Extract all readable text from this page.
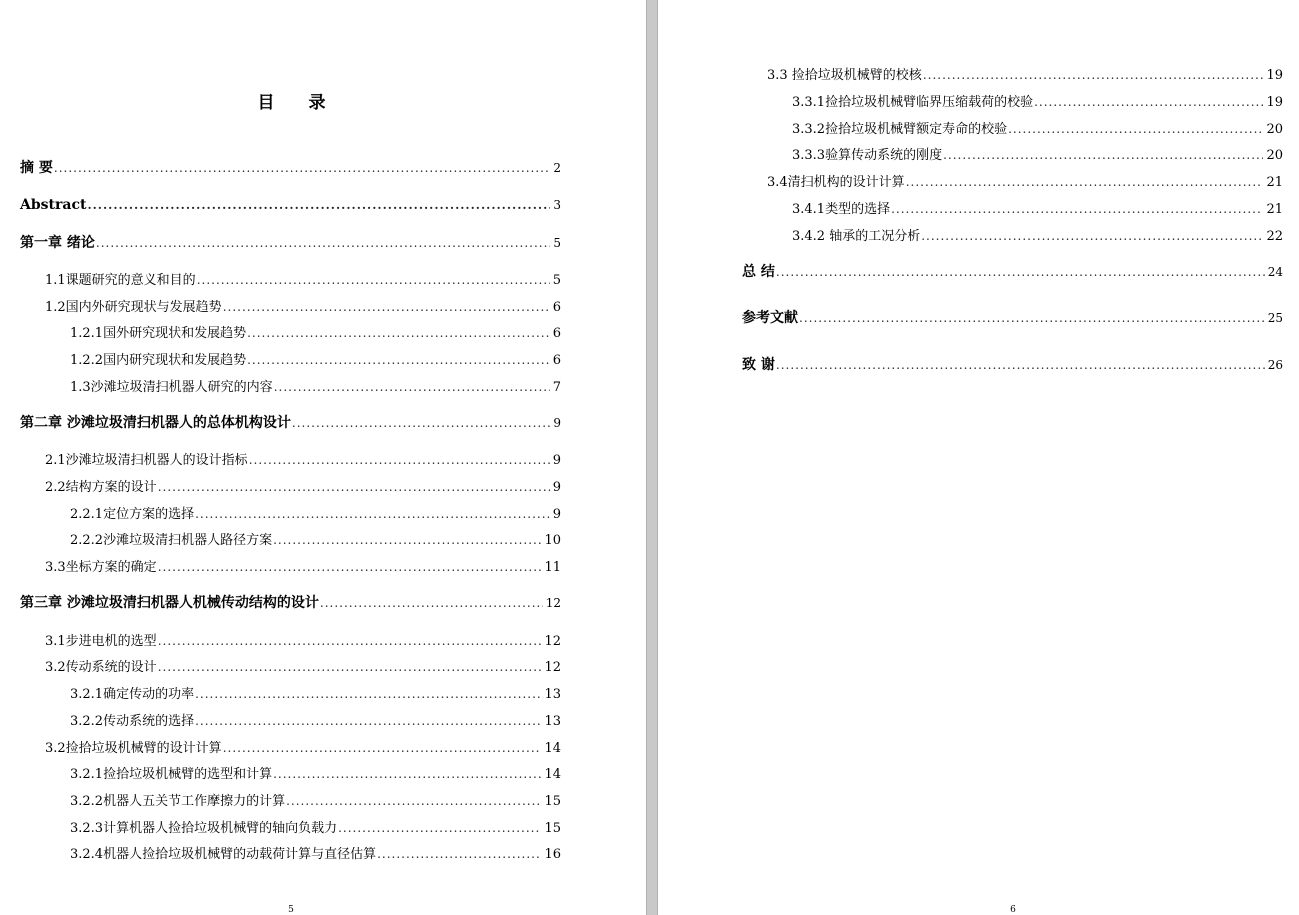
目 录
摘 要 .....	2
Abstract .....	3
第一章 绪论 .....	5
1.1课题研究的意义和目的 .....	5
1.2国内外研究现状与发展趋势 .....	6
1.2.1国外研究现状和发展趋势 .....	6
1.2.2国内研究现状和发展趋势 .....	6
1.3沙滩垃圾清扫机器人研究的内容 .....	7
第二章 沙滩垃圾清扫机器人的总体机构设计 .....	9
2.1沙滩垃圾清扫机器人的设计指标 .....	9
2.2结构方案的设计 .....	9
2.2.1定位方案的选择 .....	9
2.2.2沙滩垃圾清扫机器人路径方案 .....	10
3.3坐标方案的确定 .....	11
第三章 沙滩垃圾清扫机器人机械传动结构的设计 .....	12
3.1步进电机的选型 .....	12
3.2传动系统的设计 .....	12
3.2.1确定传动的功率 .....	13
3.2.2传动系统的选择 .....	13
3.2捡拾垃圾机械臂的设计计算 .....	14
3.2.1捡拾垃圾机械臂的选型和计算 .....	14
3.2.2机器人五关节工作摩擦力的计算 .....	15
3.2.3计算机器人捡拾垃圾机械臂的轴向负载力 .....	15
3.2.4机器人捡拾垃圾机械臂的动载荷计算与直径估算 .....	16
5
3.3 捡拾垃圾机械臂的校核 .....	19
3.3.1捡拾垃圾机械臂临界压缩载荷的校验 .....	19
3.3.2捡拾垃圾机械臂额定寿命的校验 .....	20
3.3.3验算传动系统的刚度 .....	20
3.4清扫机构的设计计算 .....	21
3.4.1类型的选择 .....	21
3.4.2 轴承的工况分析 .....	22
总 结 .....	24
参考文献 .....	25
致 谢 .....	26
6
